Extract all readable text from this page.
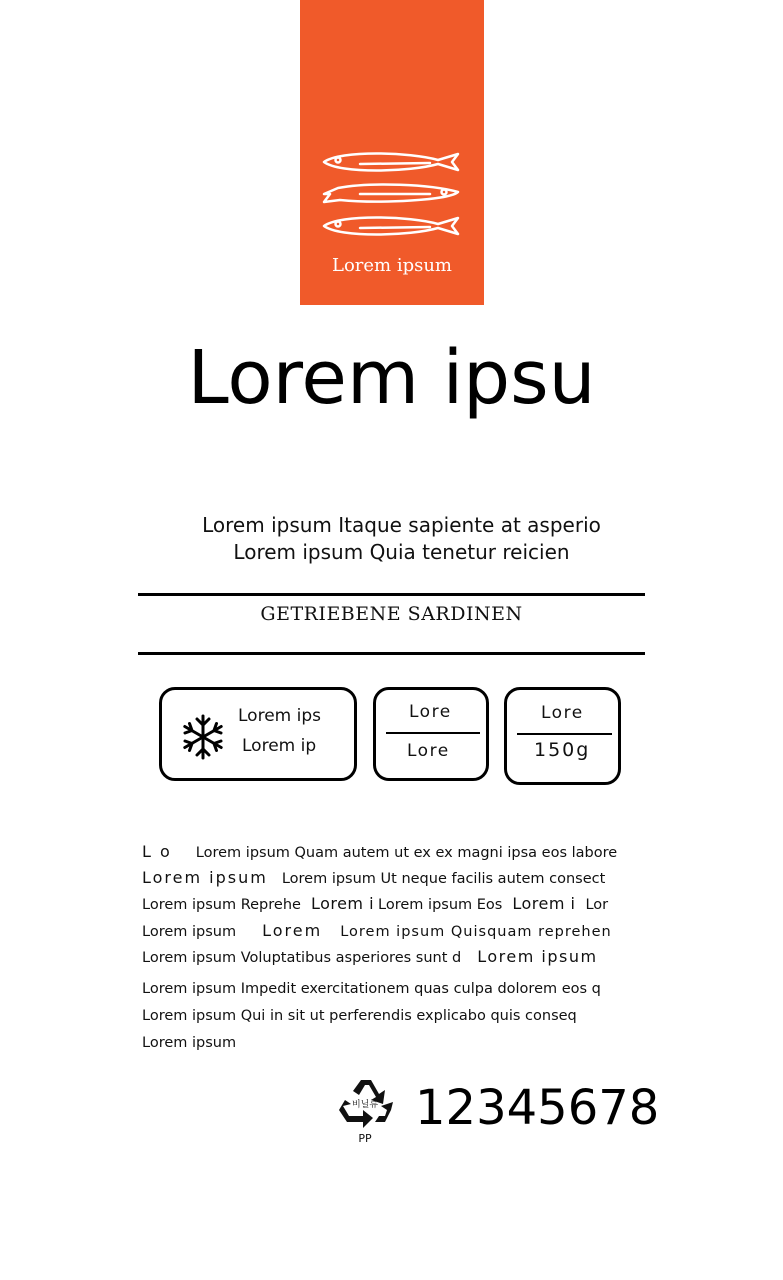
Lorem ipsum
Lorem ipsu
Lorem ipsum Itaque sapiente at asperio
Lorem ipsum Quia tenetur reicien
GETRIEBENE SARDINEN
Lorem ips
Lorem ip
Lore
Lore
Lore
150g
L o Lorem ipsum Quam autem ut ex ex magni ipsa eos labore
Lorem ipsum Lorem ipsum Ut neque facilis autem consect
Lorem ipsum Reprehe Lorem i Lorem ipsum Eos Lorem i Lor
Lorem ipsum Lorem Lorem ipsum Quisquam reprehen
Lorem ipsum Voluptatibus asperiores sunt d Lorem ipsum
Lorem ipsum Impedit exercitationem quas culpa dolorem eos q
Lorem ipsum Qui in sit ut perferendis explicabo quis conseq
Lorem ipsum
비닐류
PP
12345678
